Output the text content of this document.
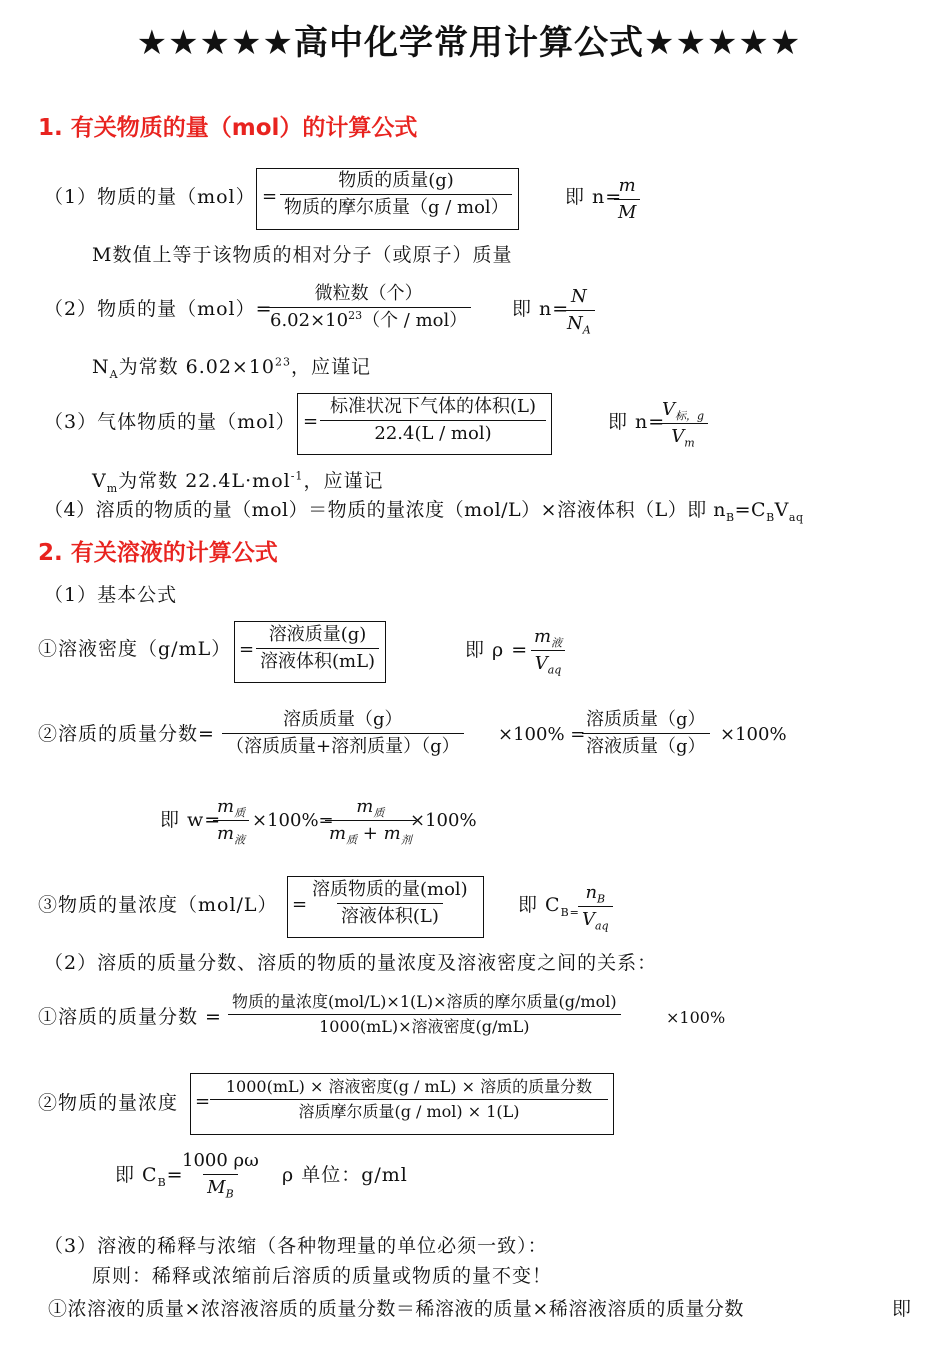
★★★★★高中化学常用计算公式★★★★★
1. 有关物质的量（mol）的计算公式
（1）物质的量（mol） =
物质的质量(g)
物质的摩尔质量（g / mol）	即 n=
$\frac{m}{M}$
M数值上等于该物质的相对分子（或原子）质量
（2）物质的量（mol）=
微粒数（个）
$6.02\times 10^{23}$（个 / mol）
即 n=
$\frac{N}{N_A}$
$N_A$为常数 $6.02\times 10^{23}$，应谨记
（3）气体物质的量（mol） =
标准状况下气体的体积(L)
22.4(L / mol)
即 n=
$V_{标,g}$
$V_m$
$V_m$为常数 22.4L·mol$^{-1}$，应谨记
（4）溶质的物质的量（mol）＝物质的量浓度（mol/L）×溶液体积（L）即 $n_B=C_BV_{aq}$
2. 有关溶液的计算公式
（1）基本公式
①溶液密度（g/mL） =
溶液质量(g)
溶液体积(mL)
即 ρ =
$m_液$
$V_{aq}$
②溶质的质量分数=
溶质质量（g）
（溶质质量+溶剂质量）（g）
×100% =
溶质质量（g）
溶液质量（g）
×100%
即 w=
$m_质$
$m_液$
×100%=
$m_质$
$m_质 + m_剂$
×100%
③物质的量浓度（mol/L） =
溶质物质的量(mol)
溶液体积(L)
即 $C_{B=}$
$n_B$
$V_{aq}$
（2）溶质的质量分数、溶质的物质的量浓度及溶液密度之间的关系：
①溶质的质量分数 =
物质的量浓度(mol/L)×1(L)×溶质的摩尔质量(g/mol)
1000(mL)×溶液密度(g/mL)	×100%
②物质的量浓度 =
1000(mL) × 溶液密度(g / mL) × 溶质的质量分数
溶质摩尔质量(g / mol) × 1(L)
即 $C_B=$
$\frac{1000 \rho\omega}{M_B}$ ρ 单位：g/ml
（3）溶液的稀释与浓缩（各种物理量的单位必须一致）：
原则：稀释或浓缩前后溶质的质量或物质的量不变！
①浓溶液的质量×浓溶液溶质的质量分数＝稀溶液的质量×稀溶液溶质的质量分数	即
